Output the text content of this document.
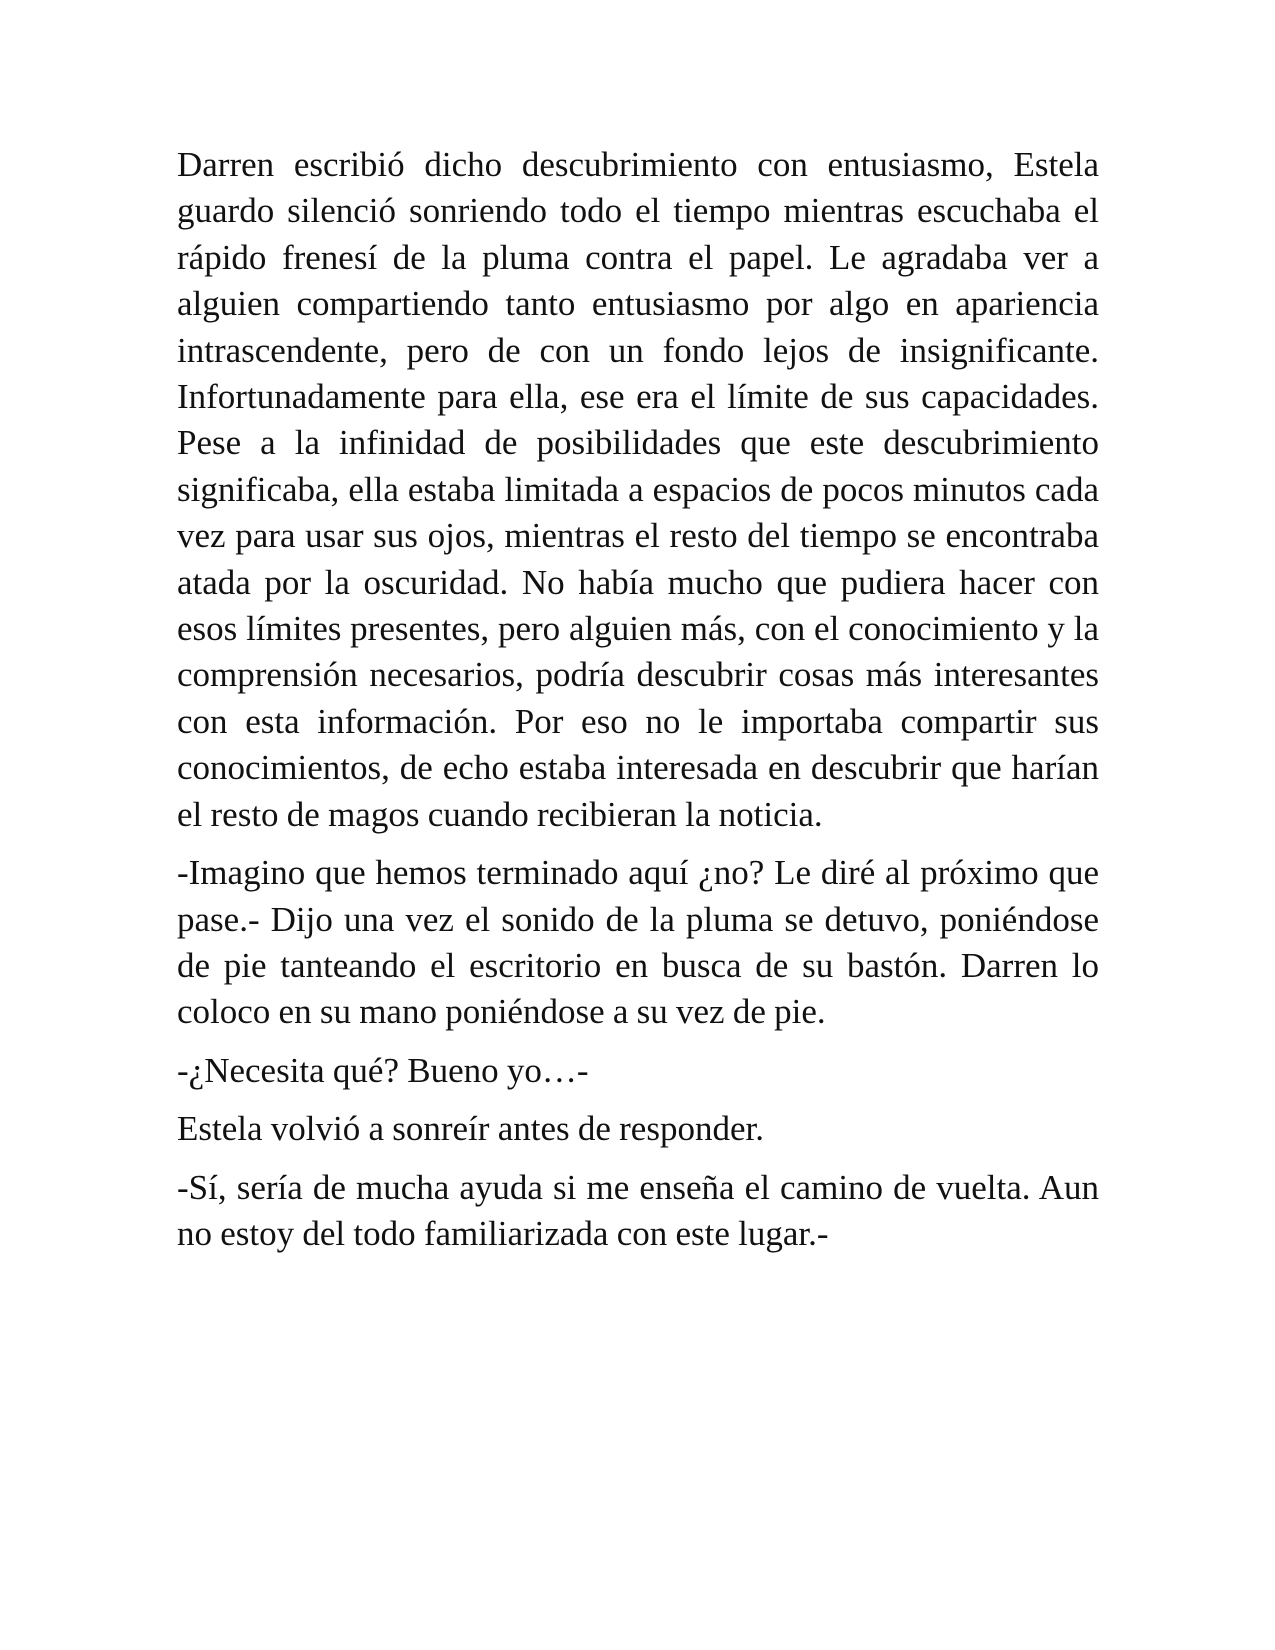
Darren escribió dicho descubrimiento con entusiasmo, Estela guardo silenció sonriendo todo el tiempo mientras escuchaba el rápido frenesí de la pluma contra el papel. Le agradaba ver a alguien compartiendo tanto entusiasmo por algo en apariencia intrascendente, pero de con un fondo lejos de insignificante. Infortunadamente para ella, ese era el límite de sus capacidades. Pese a la infinidad de posibilidades que este descubrimiento significaba, ella estaba limitada a espacios de pocos minutos cada vez para usar sus ojos, mientras el resto del tiempo se encontraba atada por la oscuridad. No había mucho que pudiera hacer con esos límites presentes, pero alguien más, con el conocimiento y la comprensión necesarios, podría descubrir cosas más interesantes con esta información. Por eso no le importaba compartir sus conocimientos, de echo estaba interesada en descubrir que harían el resto de magos cuando recibieran la noticia.

-Imagino que hemos terminado aquí ¿no? Le diré al próximo que pase.- Dijo una vez el sonido de la pluma se detuvo, poniéndose de pie tanteando el escritorio en busca de su bastón. Darren lo coloco en su mano poniéndose a su vez de pie.

-¿Necesita qué? Bueno yo…-

Estela volvió a sonreír antes de responder.

-Sí, sería de mucha ayuda si me enseña el camino de vuelta. Aun no estoy del todo familiarizada con este lugar.-
